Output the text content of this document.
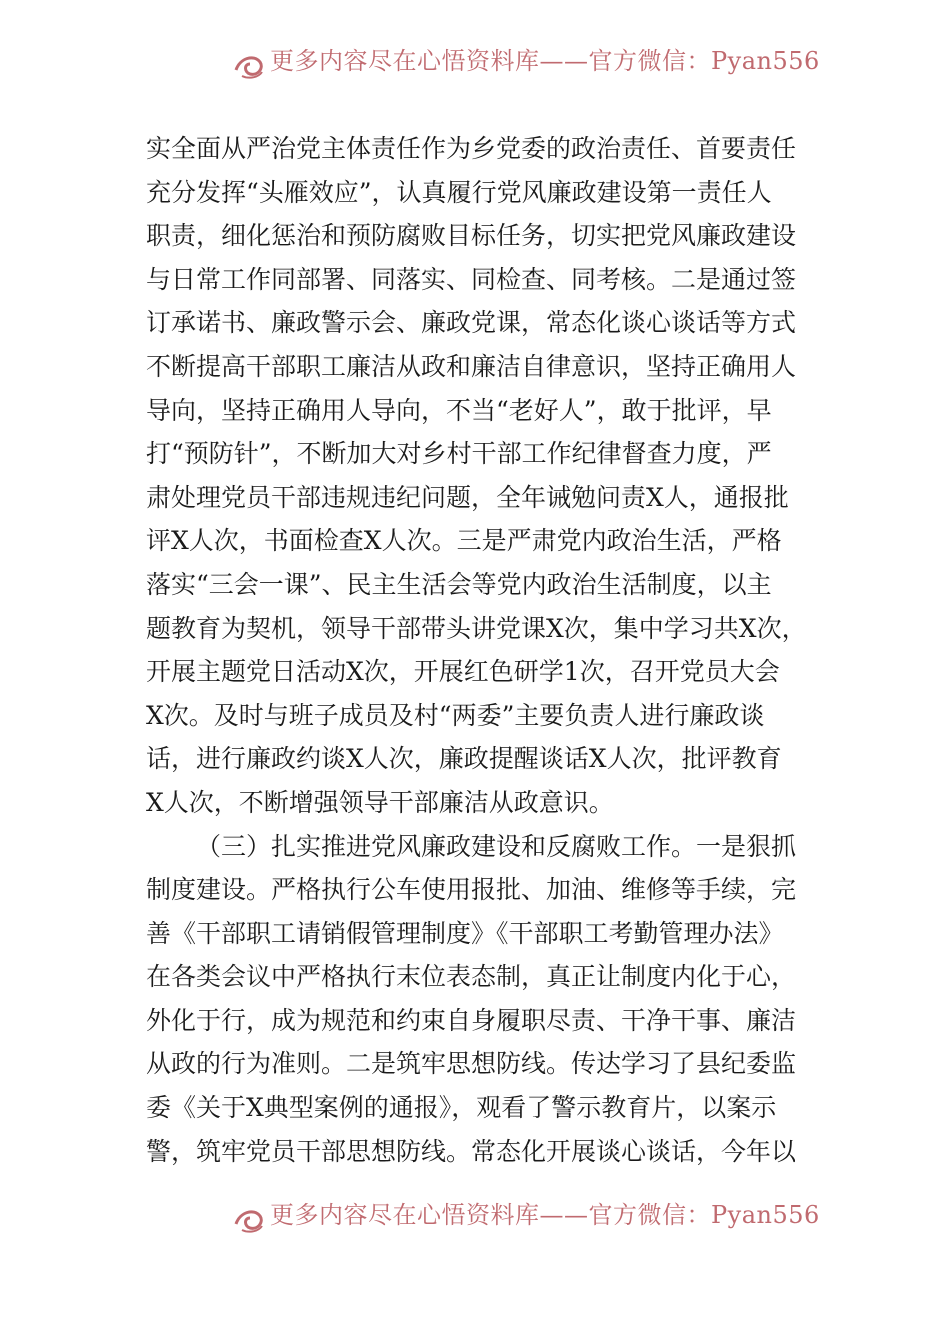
更多内容尽在心悟资料库——官方微信：Pyan556
实全面从严治党主体责任作为乡党委的政治责任、首要责任
充分发挥“头雁效应”，认真履行党风廉政建设第一责任人
职责，细化惩治和预防腐败目标任务，切实把党风廉政建设
与日常工作同部署、同落实、同检查、同考核。二是通过签
订承诺书、廉政警示会、廉政党课，常态化谈心谈话等方式
不断提高干部职工廉洁从政和廉洁自律意识，坚持正确用人
导向，坚持正确用人导向，不当“老好人”，敢于批评，早
打“预防针”，不断加大对乡村干部工作纪律督查力度，严
肃处理党员干部违规违纪问题，全年诫勉问责X人，通报批
评X人次，书面检查X人次。三是严肃党内政治生活，严格
落实“三会一课”、民主生活会等党内政治生活制度，以主
题教育为契机，领导干部带头讲党课X次，集中学习共X次，
开展主题党日活动X次，开展红色研学1次，召开党员大会
X次。及时与班子成员及村“两委”主要负责人进行廉政谈
话，进行廉政约谈X人次，廉政提醒谈话X人次，批评教育
X人次，不断增强领导干部廉洁从政意识。
（三）扎实推进党风廉政建设和反腐败工作。一是狠抓
制度建设。严格执行公车使用报批、加油、维修等手续，完
善《干部职工请销假管理制度》《干部职工考勤管理办法》
在各类会议中严格执行末位表态制，真正让制度内化于心，
外化于行，成为规范和约束自身履职尽责、干净干事、廉洁
从政的行为准则。二是筑牢思想防线。传达学习了县纪委监
委《关于X典型案例的通报》，观看了警示教育片，以案示
警，筑牢党员干部思想防线。常态化开展谈心谈话，今年以
更多内容尽在心悟资料库——官方微信：Pyan556
